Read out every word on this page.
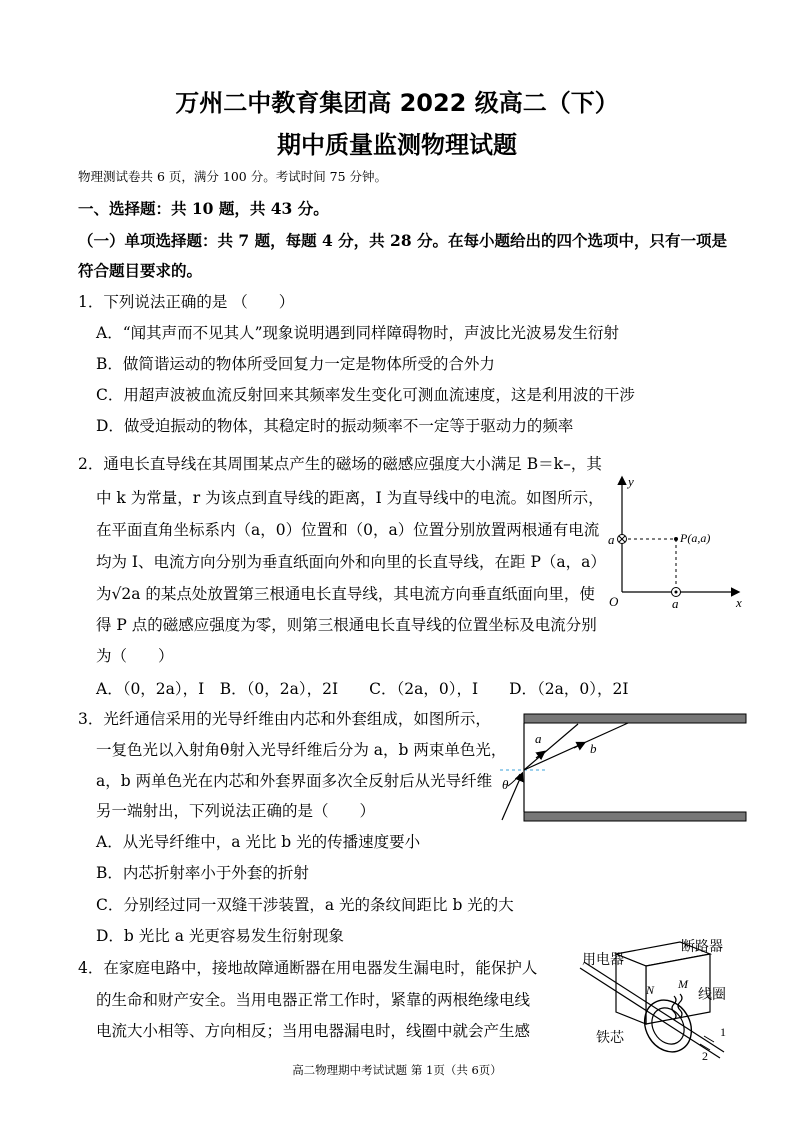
万州二中教育集团高 2022 级高二（下）
期中质量监测物理试题
物理测试卷共 6 页，满分 100 分。考试时间 75 分钟。
一、选择题：共 10 题，共 43 分。
（一）单项选择题：共 7 题，每题 4 分，共 28 分。在每小题给出的四个选项中，只有一项是
符合题目要求的。
1．下列说法正确的是 （　　）
A．“闻其声而不见其人”现象说明遇到同样障碍物时，声波比光波易发生衍射
B．做简谐运动的物体所受回复力一定是物体所受的合外力
C．用超声波被血流反射回来其频率发生变化可测血流速度，这是利用波的干涉
D．做受迫振动的物体，其稳定时的振动频率不一定等于驱动力的频率
2．通电长直导线在其周围某点产生的磁场的磁感应强度大小满足 B＝k–，其
中 k 为常量，r 为该点到直导线的距离，I 为直导线中的电流。如图所示，
在平面直角坐标系内（a，0）位置和（0，a）位置分别放置两根通有电流
均为 I、电流方向分别为垂直纸面向外和向里的长直导线，在距 P（a，a）
为√2a 的某点处放置第三根通电长直导线，其电流方向垂直纸面向里，使
得 P 点的磁感应强度为零，则第三根通电长直导线的位置坐标及电流分别
为（　　）
A．（0，2a），I　B．（0，2a），2I　　C．（2a，0），I　　D．（2a，0），2I
y
x
O
a
a
P(a,a)
3．光纤通信采用的光导纤维由内芯和外套组成，如图所示，
一复色光以入射角θ射入光导纤维后分为 a，b 两束单色光，
a，b 两单色光在内芯和外套界面多次全反射后从光导纤维
另一端射出，下列说法正确的是（　　）
A．从光导纤维中，a 光比 b 光的传播速度要小
B．内芯折射率小于外套的折射
C．分别经过同一双缝干涉装置，a 光的条纹间距比 b 光的大
D．b 光比 a 光更容易发生衍射现象
a
b
θ
4．在家庭电路中，接地故障通断器在用电器发生漏电时，能保护人
的生命和财产安全。当用电器正常工作时，紧靠的两根绝缘电线
电流大小相等、方向相反；当用电器漏电时，线圈中就会产生感
用电器
断路器
M
N	线圈
铁芯	1
2
高二物理期中考试试题 第 1页（共 6页）
